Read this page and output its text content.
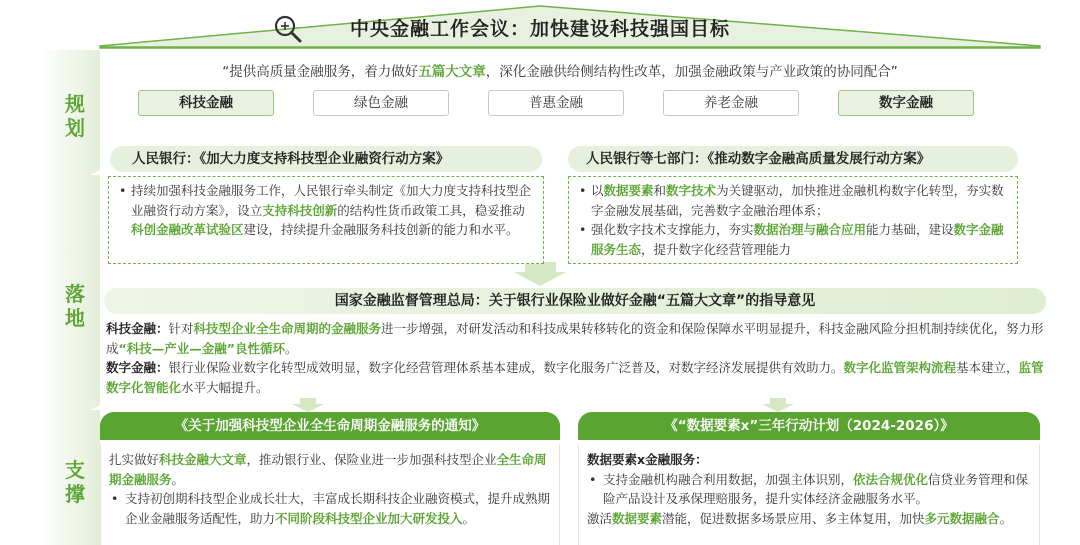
规划
落地
支撑
中央金融工作会议：加快建设科技强国目标
“提供高质量金融服务，着力做好五篇大文章，深化金融供给侧结构性改革，加强金融政策与产业政策的协同配合”
科技金融	绿色金融	普惠金融	养老金融	数字金融
人民银行：《加大力度支持科技型企业融资行动方案》
• 持续加强科技金融服务工作，人民银行牵头制定《加大力度支持科技型企业融资行动方案》，设立支持科技创新的结构性货币政策工具，稳妥推动科创金融改革试验区建设，持续提升金融服务科技创新的能力和水平。
人民银行等七部门：《推动数字金融高质量发展行动方案》
• 以数据要素和数字技术为关键驱动，加快推进金融机构数字化转型，夯实数字金融发展基础，完善数字金融治理体系；
• 强化数字技术支撑能力，夯实数据治理与融合应用能力基础，建设数字金融服务生态，提升数字化经营管理能力
国家金融监督管理总局：关于银行业保险业做好金融“五篇大文章”的指导意见
科技金融：针对科技型企业全生命周期的金融服务进一步增强，对研发活动和科技成果转移转化的资金和保险保障水平明显提升，科技金融风险分担机制持续优化，努力形成“科技—产业—金融”良性循环。
数字金融：银行业保险业数字化转型成效明显，数字化经营管理体系基本建成，数字化服务广泛普及，对数字经济发展提供有效助力。数字化监管架构流程基本建立，监管数字化智能化水平大幅提升。
《关于加强科技型企业全生命周期金融服务的通知》
扎实做好科技金融大文章，推动银行业、保险业进一步加强科技型企业全生命周期金融服务。
• 支持初创期科技型企业成长壮大，丰富成长期科技企业融资模式，提升成熟期企业金融服务适配性，助力不同阶段科技型企业加大研发投入。
《“数据要素x”三年行动计划（2024-2026）》
数据要素x金融服务：
• 支持金融机构融合利用数据，加强主体识别，依法合规优化信贷业务管理和保险产品设计及承保理赔服务，提升实体经济金融服务水平。
激活数据要素潜能，促进数据多场景应用、多主体复用，加快多元数据融合。
